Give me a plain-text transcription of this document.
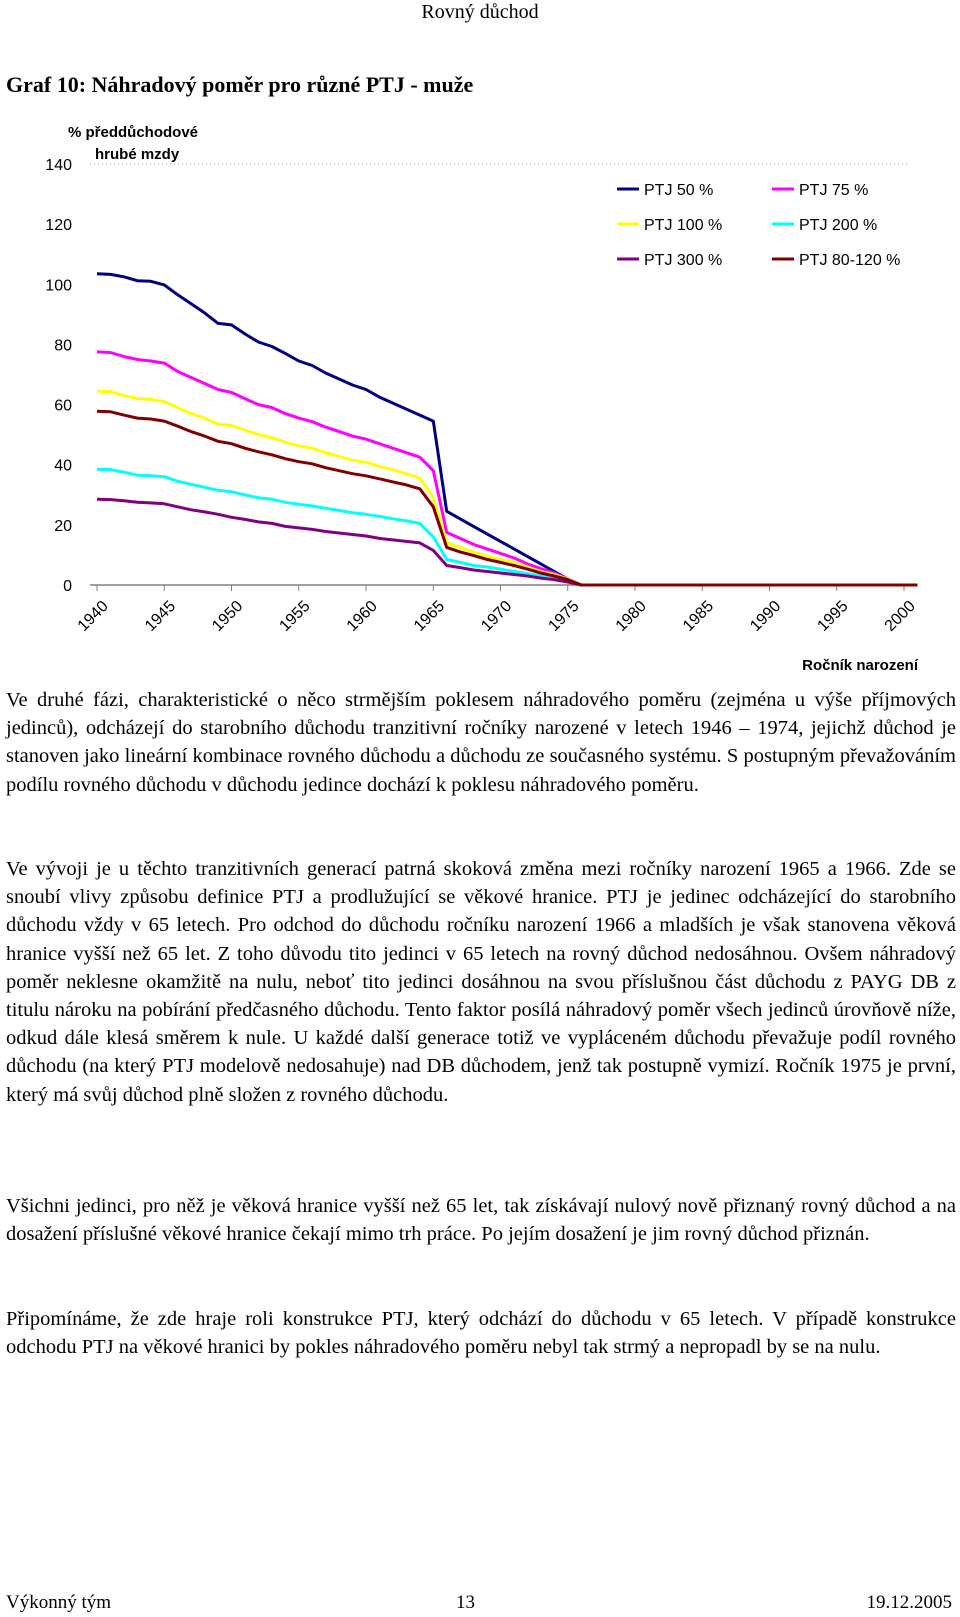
Rovný důchod
Graf 10: Náhradový poměr pro různé PTJ - muže
0
20
40
60
80
100
120
140
1940 1945 1950 1955 1960 1965 1970 1975 1980 1985 1990 1995 2000
PTJ 50 %	PTJ 75 %
PTJ 100 %	PTJ 200 %
PTJ 300 %	PTJ 80-120 %
% předdůchodové
hrubé mzdy
Ročník narození

Ve druhé fázi, charakteristické o něco strmějším poklesem náhradového poměru (zejména u výše příjmových jedinců), odcházejí do starobního důchodu tranzitivní ročníky narozené v letech 1946 – 1974, jejichž důchod je stanoven jako lineární kombinace rovného důchodu a důchodu ze současného systému. S postupným převažováním podílu rovného důchodu v důchodu jedince dochází k poklesu náhradového poměru.

Ve vývoji je u těchto tranzitivních generací patrná skoková změna mezi ročníky narození 1965 a 1966. Zde se snoubí vlivy způsobu definice PTJ a prodlužující se věkové hranice. PTJ je jedinec odcházející do starobního důchodu vždy v 65 letech. Pro odchod do důchodu ročníku narození 1966 a mladších je však stanovena věková hranice vyšší než 65 let. Z toho důvodu tito jedinci v 65 letech na rovný důchod nedosáhnou. Ovšem náhradový poměr neklesne okamžitě na nulu, neboť tito jedinci dosáhnou na svou příslušnou část důchodu z PAYG DB z titulu nároku na pobírání předčasného důchodu. Tento faktor posílá náhradový poměr všech jedinců úrovňově níže, odkud dále klesá směrem k nule. U každé další generace totiž ve vypláceném důchodu převažuje podíl rovného důchodu (na který PTJ modelově nedosahuje) nad DB důchodem, jenž tak postupně vymizí. Ročník 1975 je první, který má svůj důchod plně složen z rovného důchodu.

Všichni jedinci, pro něž je věková hranice vyšší než 65 let, tak získávají nulový nově přiznaný rovný důchod a na dosažení příslušné věkové hranice čekají mimo trh práce. Po jejím dosažení je jim rovný důchod přiznán.

Připomínáme, že zde hraje roli konstrukce PTJ, který odchází do důchodu v 65 letech. V případě konstrukce odchodu PTJ na věkové hranici by pokles náhradového poměru nebyl tak strmý a nepropadl by se na nulu.

Výkonný tým	13	19.12.2005
